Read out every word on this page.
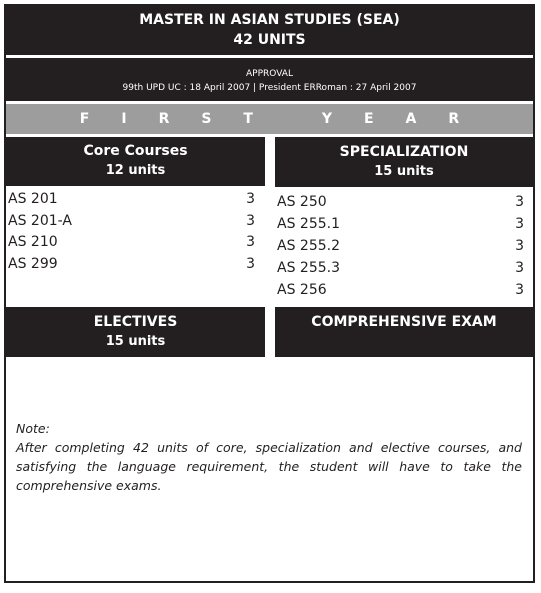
MASTER IN ASIAN STUDIES (SEA)
42 UNITS
APPROVAL
99th UPD UC : 18 April 2007 | President ERRoman : 27 April 2007
FIRST YEAR
Core Courses
12 units
SPECIALIZATION
15 units
AS 201	3
AS 201-A	3
AS 210	3
AS 299	3
AS 250	3
AS 255.1	3
AS 255.2	3
AS 255.3	3
AS 256	3
ELECTIVES
15 units
COMPREHENSIVE EXAM
Note:
After completing 42 units of core, specialization and elective courses, and satisfying the language requirement, the student will have to take the comprehensive exams.
